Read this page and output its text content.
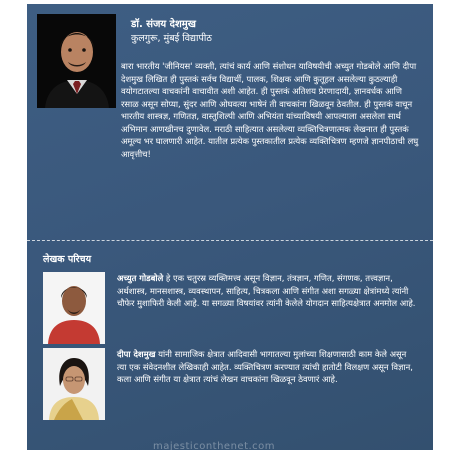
डॉ. संजय देशमुख
कुलगुरू, मुंबई विद्यापीठ
बारा भारतीय 'जीनियस' व्यक्ती, त्यांचं कार्य आणि संशोधन याविषयीची अच्युत गोडबोले आणि दीपा देशमुख लिखित ही पुस्तकं सर्वच विद्यार्थी, पालक, शिक्षक आणि कुतूहल असलेल्या कुठल्याही वयोगटातल्या वाचकांनी वाचावीत अशी आहेत. ही पुस्तकं अतिशय प्रेरणादायी, ज्ञानवर्धक आणि रसाळ असून सोप्या, सुंदर आणि ओघवत्या भाषेनं ती वाचकांना खिळवून ठेवतील. ही पुस्तकं वाचून भारतीय शास्त्रज्ञ, गणितज्ञ, वास्तुशिल्पी आणि अभियंता यांच्याविषयी आपल्याला असलेला सार्थ अभिमान आणखीनच दुणावेल. मराठी साहित्यात असलेल्या व्यक्तिचित्रणात्मक लेखनात ही पुस्तकं अमूल्य भर घालणारी आहेत. यातील प्रत्येक पुस्तकातील प्रत्येक व्यक्तिचित्रण म्हणजे ज्ञानपीठाची लघु आवृत्तीच!
लेखक परिचय
अच्युत गोडबोले हे एक चतुरस्र व्यक्तिमत्त्व असून विज्ञान, तंत्रज्ञान, गणित, संगणक, तत्त्वज्ञान, अर्थशास्त्र, मानसशास्त्र, व्यवस्थापन, साहित्य, चित्रकला आणि संगीत अशा सगळ्या क्षेत्रांमध्ये त्यांनी चौफेर मुशाफिरी केली आहे. या सगळ्या विषयांवर त्यांनी केलेले योगदान साहित्यक्षेत्रात अनमोल आहे.
दीपा देशमुख यांनी सामाजिक क्षेत्रात आदिवासी भागातल्या मुलांच्या शिक्षणासाठी काम केले असून त्या एक संवेदनशील लेखिकाही आहेत. व्यक्तिचित्रण करण्यात त्यांची हातोटी विलक्षण असून विज्ञान, कला आणि संगीत या क्षेत्रात त्यांचं लेखन वाचकांना खिळवून ठेवणारं आहे.
majesticonthenet.com
